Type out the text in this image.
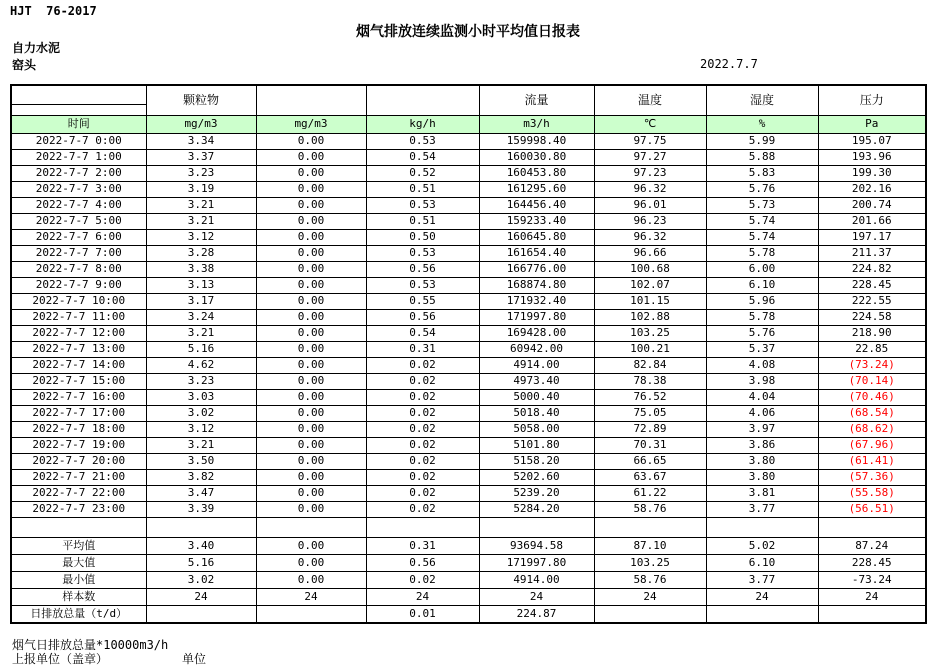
HJT  76-2017
烟气排放连续监测小时平均值日报表
自力水泥
窑头	2022.7.7
	颗粒物			流量	温度	湿度	压力

时间	mg/m3	mg/m3	kg/h	m3/h	℃	%	Pa
2022-7-7 0:00	3.34	0.00	0.53	159998.40	97.75	5.99	195.07
2022-7-7 1:00	3.37	0.00	0.54	160030.80	97.27	5.88	193.96
2022-7-7 2:00	3.23	0.00	0.52	160453.80	97.23	5.83	199.30
2022-7-7 3:00	3.19	0.00	0.51	161295.60	96.32	5.76	202.16
2022-7-7 4:00	3.21	0.00	0.53	164456.40	96.01	5.73	200.74
2022-7-7 5:00	3.21	0.00	0.51	159233.40	96.23	5.74	201.66
2022-7-7 6:00	3.12	0.00	0.50	160645.80	96.32	5.74	197.17
2022-7-7 7:00	3.28	0.00	0.53	161654.40	96.66	5.78	211.37
2022-7-7 8:00	3.38	0.00	0.56	166776.00	100.68	6.00	224.82
2022-7-7 9:00	3.13	0.00	0.53	168874.80	102.07	6.10	228.45
2022-7-7 10:00	3.17	0.00	0.55	171932.40	101.15	5.96	222.55
2022-7-7 11:00	3.24	0.00	0.56	171997.80	102.88	5.78	224.58
2022-7-7 12:00	3.21	0.00	0.54	169428.00	103.25	5.76	218.90
2022-7-7 13:00	5.16	0.00	0.31	60942.00	100.21	5.37	22.85
2022-7-7 14:00	4.62	0.00	0.02	4914.00	82.84	4.08	(73.24)
2022-7-7 15:00	3.23	0.00	0.02	4973.40	78.38	3.98	(70.14)
2022-7-7 16:00	3.03	0.00	0.02	5000.40	76.52	4.04	(70.46)
2022-7-7 17:00	3.02	0.00	0.02	5018.40	75.05	4.06	(68.54)
2022-7-7 18:00	3.12	0.00	0.02	5058.00	72.89	3.97	(68.62)
2022-7-7 19:00	3.21	0.00	0.02	5101.80	70.31	3.86	(67.96)
2022-7-7 20:00	3.50	0.00	0.02	5158.20	66.65	3.80	(61.41)
2022-7-7 21:00	3.82	0.00	0.02	5202.60	63.67	3.80	(57.36)
2022-7-7 22:00	3.47	0.00	0.02	5239.20	61.22	3.81	(55.58)
2022-7-7 23:00	3.39	0.00	0.02	5284.20	58.76	3.77	(56.51)

平均值	3.40	0.00	0.31	93694.58	87.10	5.02	87.24
最大值	5.16	0.00	0.56	171997.80	103.25	6.10	228.45
最小值	3.02	0.00	0.02	4914.00	58.76	3.77	-73.24
样本数	24	24	24	24	24	24	24
日排放总量（t/d）			0.01	224.87			
烟气日排放总量*10000m3/h
上报单位（盖章）	单位
